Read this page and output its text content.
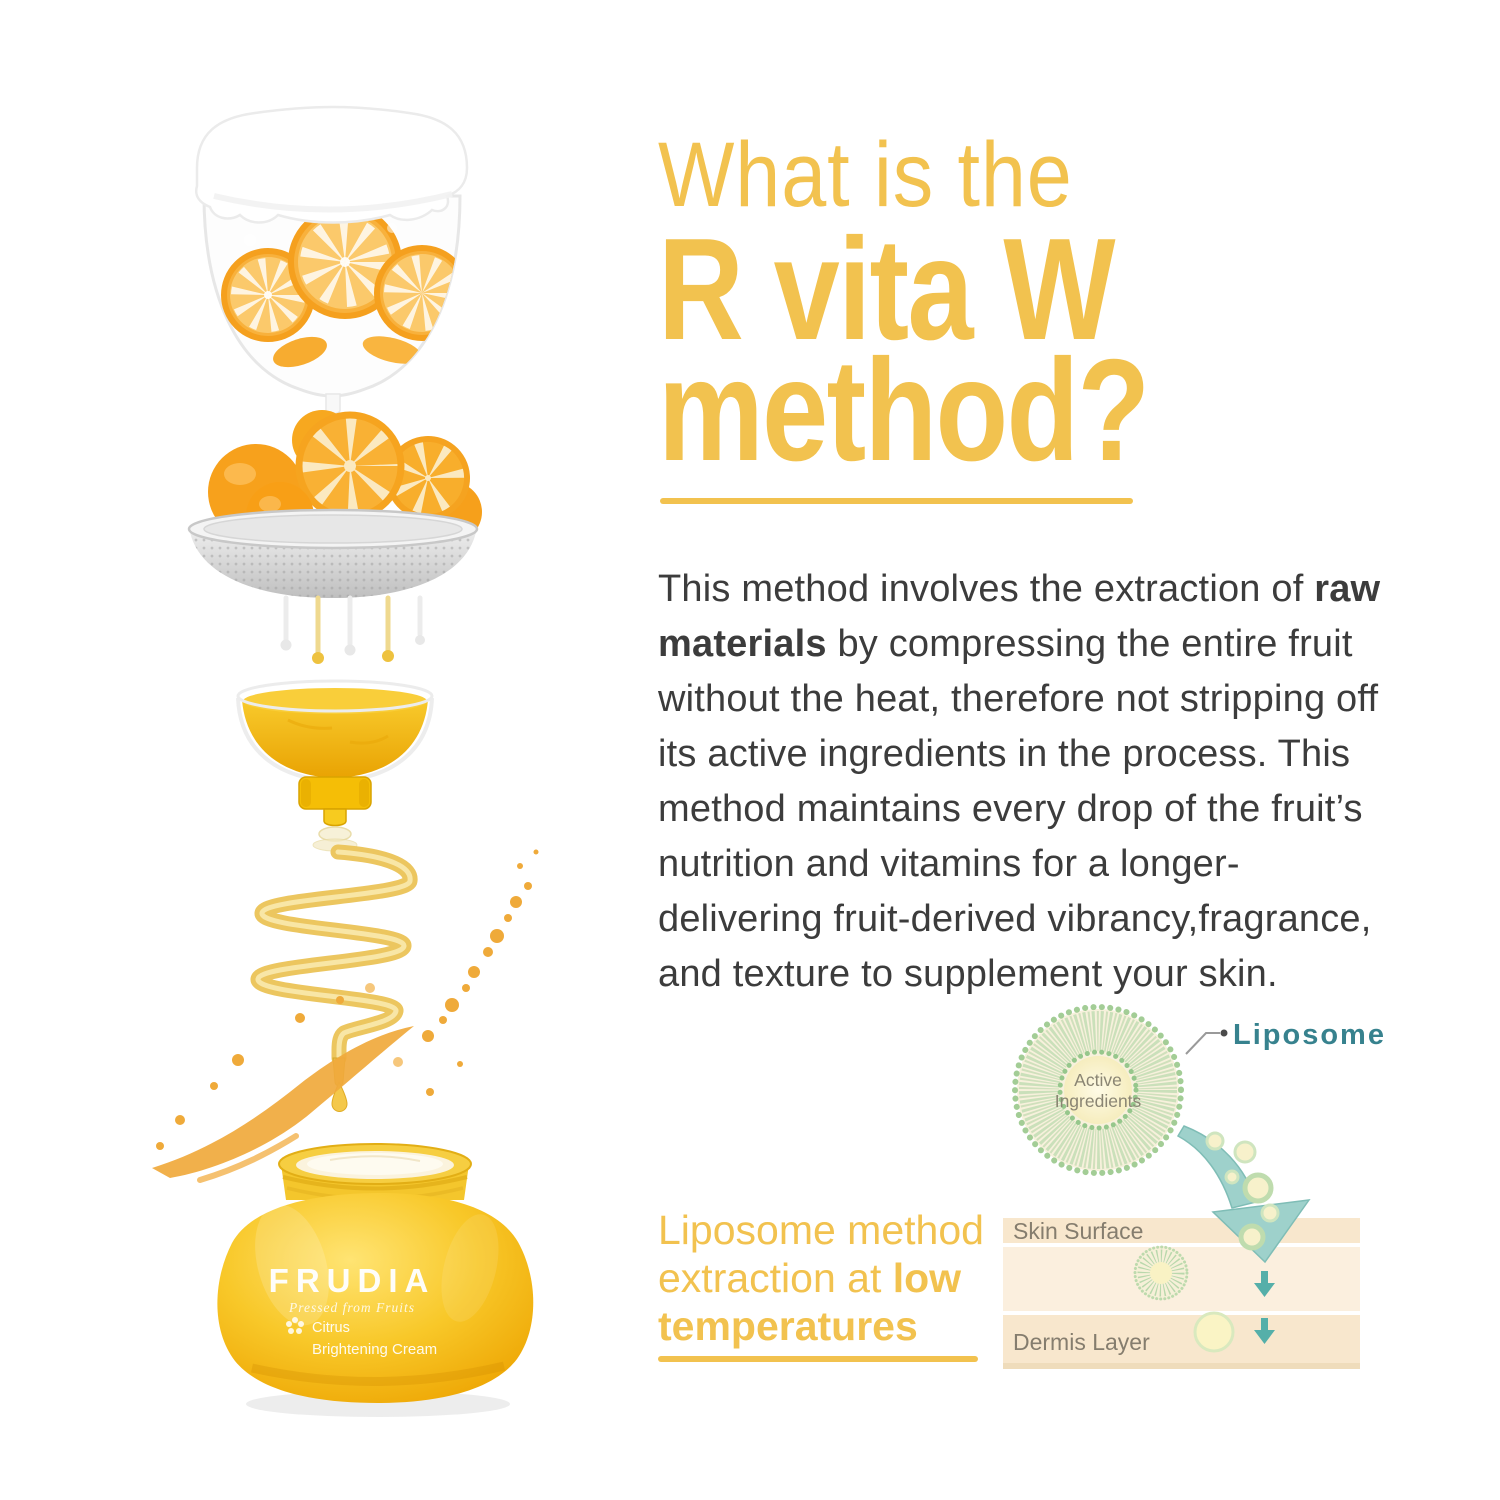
FRUDIA
Pressed from Fruits
Citrus
Brightening Cream
What is the
R vita W
method?

This method involves the extraction of raw materials by compressing the entire fruit without the heat, therefore not stripping off its active ingredients in the process. This method maintains every drop of the fruit’s nutrition and vitamins for a longer-delivering fruit-derived vibrancy,fragrance, and texture to supplement your skin.

Liposome method extraction at low temperatures
Skin Surface
Dermis Layer
Active
Ingredients
Liposome
